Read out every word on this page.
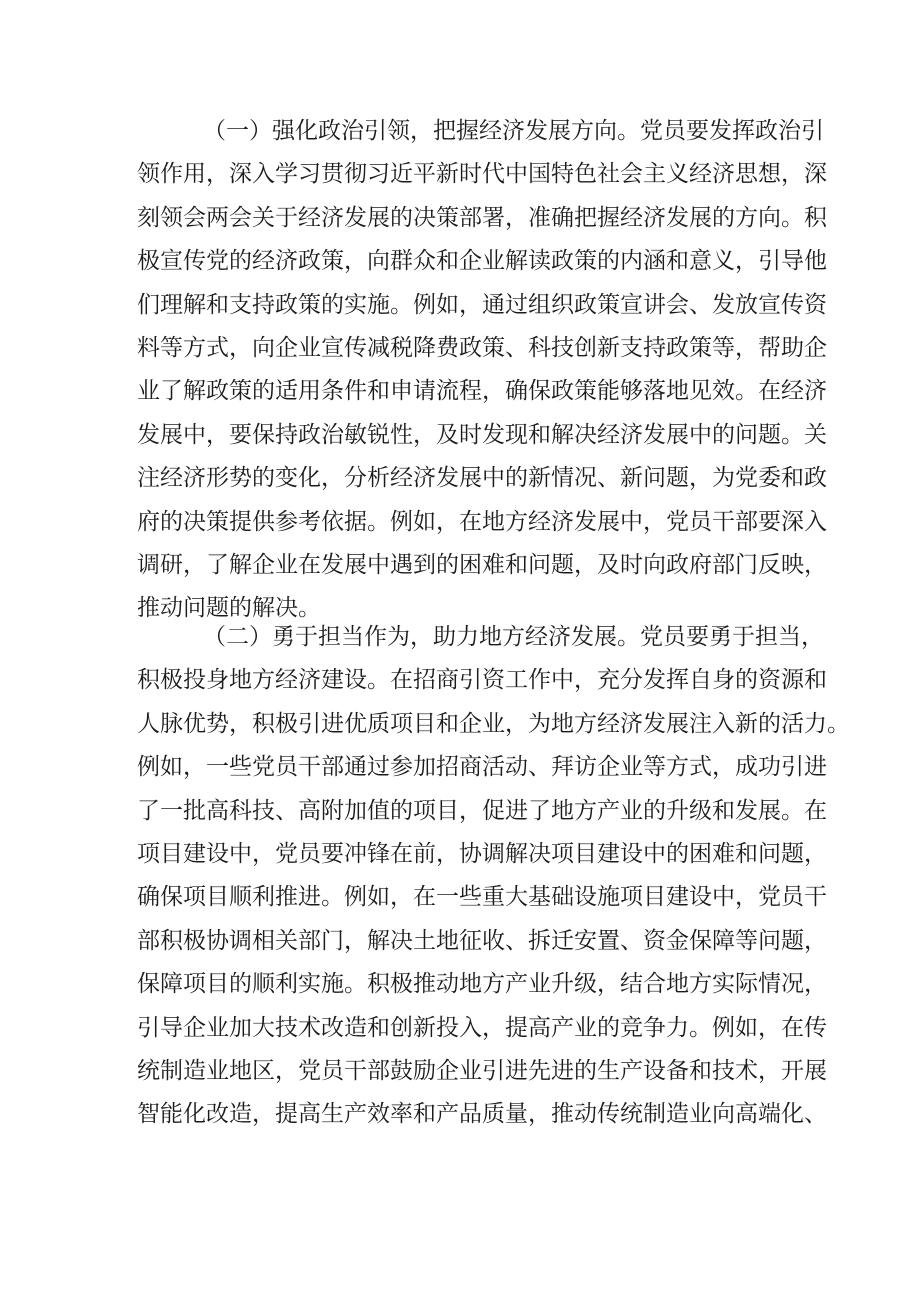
（一）强化政治引领，把握经济发展方向。党员要发挥政治引
领作用，深入学习贯彻习近平新时代中国特色社会主义经济思想，深
刻领会两会关于经济发展的决策部署，准确把握经济发展的方向。积
极宣传党的经济政策，向群众和企业解读政策的内涵和意义，引导他
们理解和支持政策的实施。例如，通过组织政策宣讲会、发放宣传资
料等方式，向企业宣传减税降费政策、科技创新支持政策等，帮助企
业了解政策的适用条件和申请流程，确保政策能够落地见效。在经济
发展中，要保持政治敏锐性，及时发现和解决经济发展中的问题。关
注经济形势的变化，分析经济发展中的新情况、新问题，为党委和政
府的决策提供参考依据。例如，在地方经济发展中，党员干部要深入
调研，了解企业在发展中遇到的困难和问题，及时向政府部门反映，
推动问题的解决。
（二）勇于担当作为，助力地方经济发展。党员要勇于担当，
积极投身地方经济建设。在招商引资工作中，充分发挥自身的资源和
人脉优势，积极引进优质项目和企业，为地方经济发展注入新的活力。
例如，一些党员干部通过参加招商活动、拜访企业等方式，成功引进
了一批高科技、高附加值的项目，促进了地方产业的升级和发展。在
项目建设中，党员要冲锋在前，协调解决项目建设中的困难和问题，
确保项目顺利推进。例如，在一些重大基础设施项目建设中，党员干
部积极协调相关部门，解决土地征收、拆迁安置、资金保障等问题，
保障项目的顺利实施。积极推动地方产业升级，结合地方实际情况，
引导企业加大技术改造和创新投入，提高产业的竞争力。例如，在传
统制造业地区，党员干部鼓励企业引进先进的生产设备和技术，开展
智能化改造，提高生产效率和产品质量，推动传统制造业向高端化、
